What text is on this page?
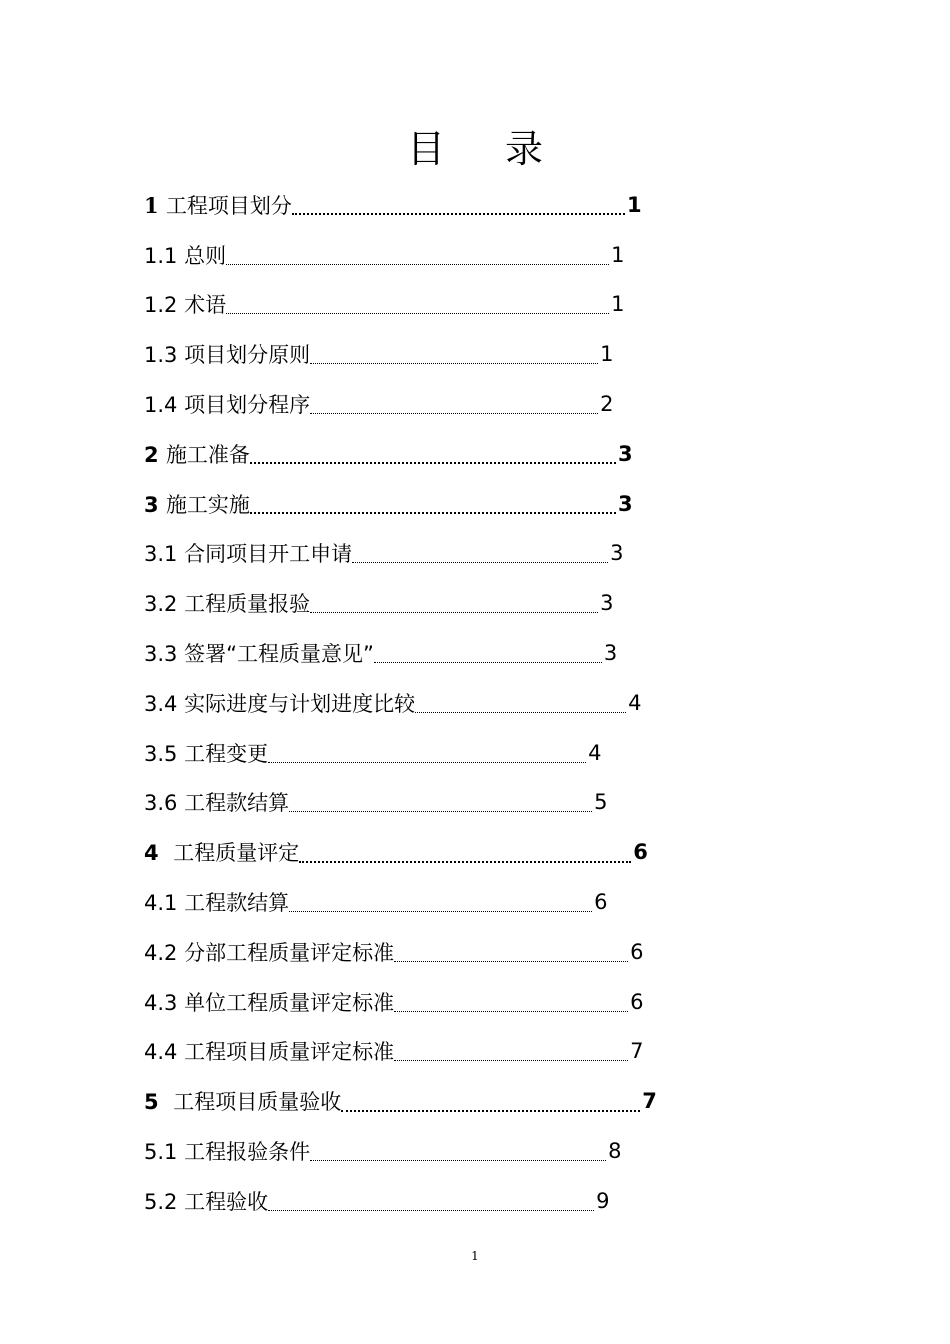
目 录
1 工程项目划分	1
1.1 总则	1
1.2 术语	1
1.3 项目划分原则	1
1.4 项目划分程序	2
2 施工准备	3
3 施工实施	3
3.1 合同项目开工申请	3
3.2 工程质量报验	3
3.3 签署“工程质量意见”	3
3.4 实际进度与计划进度比较	4
3.5 工程变更	4
3.6 工程款结算	5
4 工程质量评定	6
4.1 工程款结算	6
4.2 分部工程质量评定标准	6
4.3 单位工程质量评定标准	6
4.4 工程项目质量评定标准	7
5 工程项目质量验收	7
5.1 工程报验条件	8
5.2 工程验收	9
1
